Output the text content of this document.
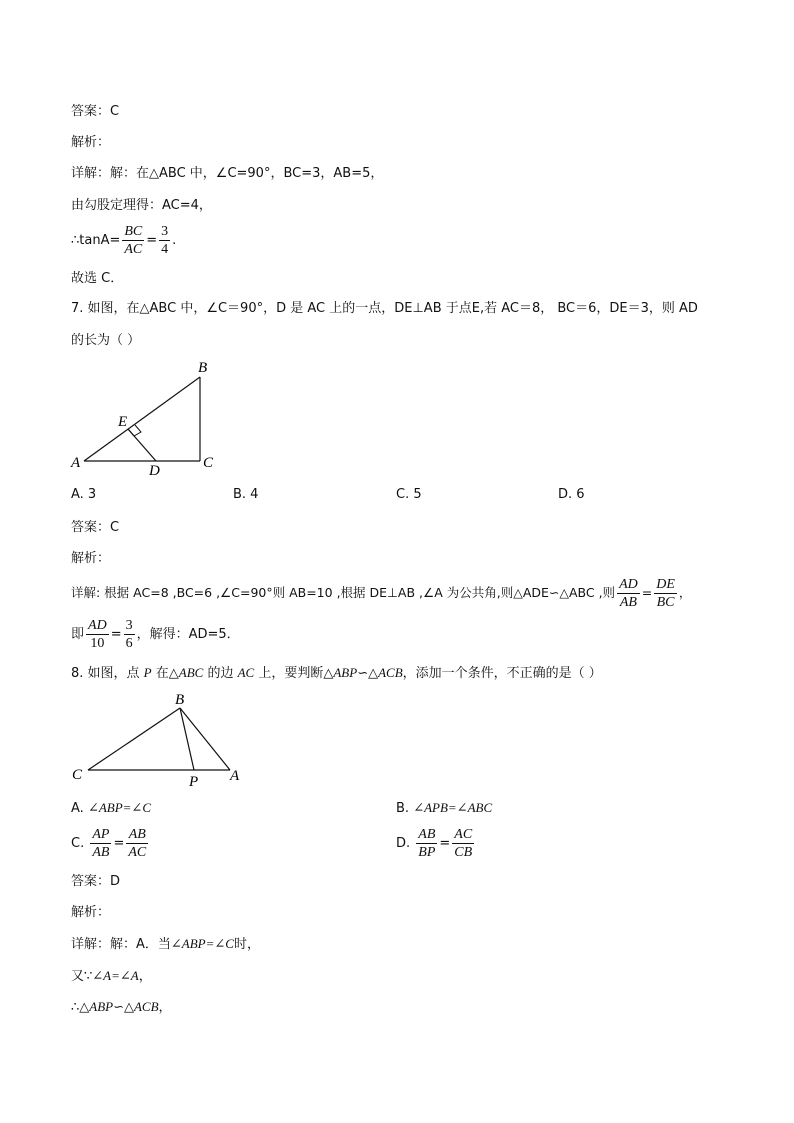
答案：C
解析：
详解：解：在△ABC 中，∠C=90°，BC=3，AB=5，
由勾股定理得：AC=4，
∴tanA= $\frac{BC}{AC} = \frac{3}{4}$ .
故选 C．
7. 如图，在△ABC 中，∠C＝90°，D 是 AC 上的一点，DE⊥AB 于点E,若 AC＝8， BC＝6，DE＝3，则 AD
的长为（ ）
B
E
A	D	C
A. 3	B. 4	C. 5	D. 6
答案：C
解析：
详解: 根据 AC=8 ,BC=6 ,∠C=90°则 AB=10 ,根据 DE⊥AB ,∠A 为公共角,则△ADE∽△ABC ,则 $\frac{AD}{AB} = \frac{DE}{BC}$ ，
即 $\frac{AD}{10} = \frac{3}{6}$ ，解得：AD=5．
8. 如图，点 P 在△ABC 的边 AC 上，要判断△ABP∽△ACB，添加一个条件，不正确的是（ ）
B
C	P A
A. ∠ABP=∠C	B. ∠APB=∠ABC
C. $\frac{AP}{AB} = \frac{AB}{AC}$	D. $\frac{AB}{BP} = \frac{AC}{CB}$
答案：D
解析：
详解：解：A．当∠ABP=∠C时，
又∵∠A=∠A，
∴△ABP∽△ACB，
